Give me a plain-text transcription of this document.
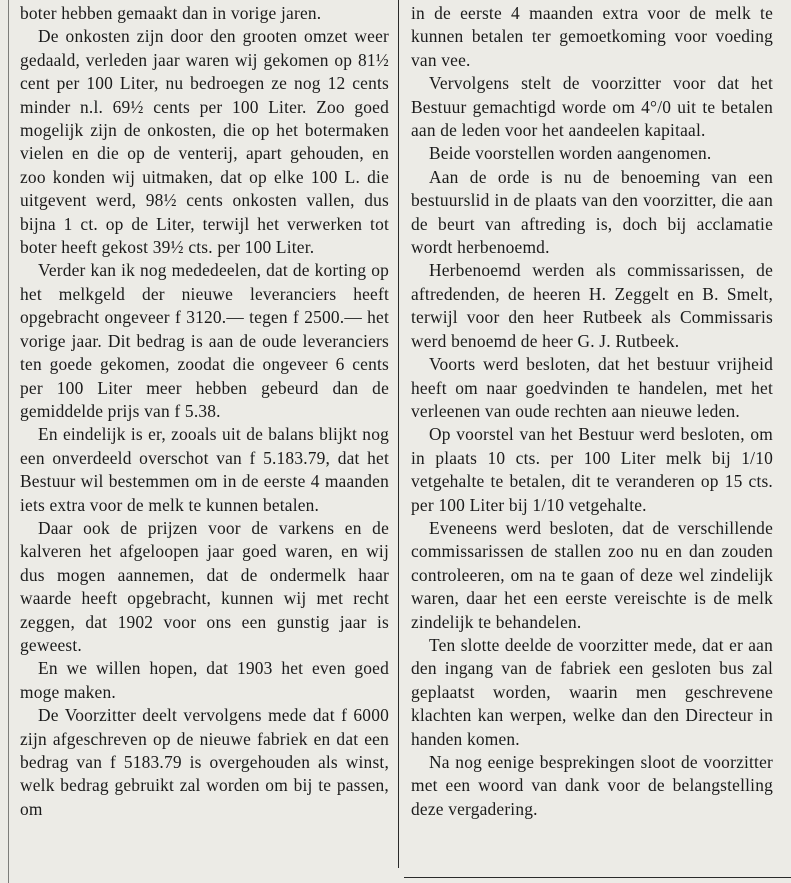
boter hebben gemaakt dan in vorige jaren.

De onkosten zijn door den grooten omzet weer gedaald, verleden jaar waren wij gekomen op 81½ cent per 100 Liter, nu bedroegen ze nog 12 cents minder n.l. 69½ cents per 100 Liter. Zoo goed mogelijk zijn de onkosten, die op het botermaken vielen en die op de venterij, apart gehouden, en zoo konden wij uitmaken, dat op elke 100 L. die uitgevent werd, 98½ cents onkosten vallen, dus bijna 1 ct. op de Liter, terwijl het verwerken tot boter heeft gekost 39½ cts. per 100 Liter.

Verder kan ik nog mededeelen, dat de korting op het melkgeld der nieuwe leveranciers heeft opgebracht ongeveer f 3120.— tegen f 2500.— het vorige jaar. Dit bedrag is aan de oude leveranciers ten goede gekomen, zoodat die ongeveer 6 cents per 100 Liter meer hebben gebeurd dan de gemiddelde prijs van f 5.38.

En eindelijk is er, zooals uit de balans blijkt nog een onverdeeld overschot van f 5.183.79, dat het Bestuur wil bestemmen om in de eerste 4 maanden iets extra voor de melk te kunnen betalen.

Daar ook de prijzen voor de varkens en de kalveren het afgeloopen jaar goed waren, en wij dus mogen aannemen, dat de ondermelk haar waarde heeft opgebracht, kunnen wij met recht zeggen, dat 1902 voor ons een gunstig jaar is geweest.

En we willen hopen, dat 1903 het even goed moge maken.

De Voorzitter deelt vervolgens mede dat f 6000 zijn afgeschreven op de nieuwe fabriek en dat een bedrag van f 5183.79 is overgehouden als winst, welk bedrag gebruikt zal worden om bij te passen, om

in de eerste 4 maanden extra voor de melk te kunnen betalen ter gemoetkoming voor voeding van vee.

Vervolgens stelt de voorzitter voor dat het Bestuur gemachtigd worde om 4°/0 uit te betalen aan de leden voor het aandeelen kapitaal.

Beide voorstellen worden aangenomen.

Aan de orde is nu de benoeming van een bestuurslid in de plaats van den voorzitter, die aan de beurt van aftreding is, doch bij acclamatie wordt herbenoemd.

Herbenoemd werden als commissarissen, de aftredenden, de heeren H. Zeggelt en B. Smelt, terwijl voor den heer Rutbeek als Commissaris werd benoemd de heer G. J. Rutbeek.

Voorts werd besloten, dat het bestuur vrijheid heeft om naar goedvinden te handelen, met het verleenen van oude rechten aan nieuwe leden.

Op voorstel van het Bestuur werd besloten, om in plaats 10 cts. per 100 Liter melk bij 1/10 vetgehalte te betalen, dit te veranderen op 15 cts. per 100 Liter bij 1/10 vetgehalte.

Eveneens werd besloten, dat de verschillende commissarissen de stallen zoo nu en dan zouden controleeren, om na te gaan of deze wel zindelijk waren, daar het een eerste vereischte is de melk zindelijk te behandelen.

Ten slotte deelde de voorzitter mede, dat er aan den ingang van de fabriek een gesloten bus zal geplaatst worden, waarin men geschrevene klachten kan werpen, welke dan den Directeur in handen komen.

Na nog eenige besprekingen sloot de voorzitter met een woord van dank voor de belangstelling deze vergadering.
